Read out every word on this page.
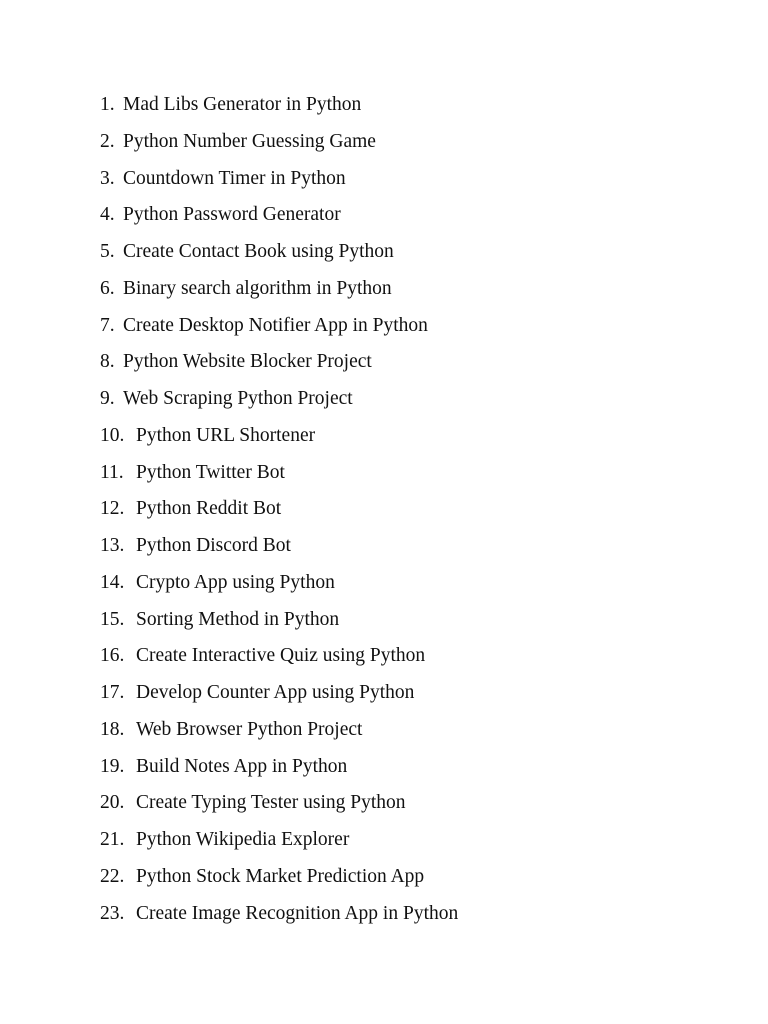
1. Mad Libs Generator in Python
2. Python Number Guessing Game
3. Countdown Timer in Python
4. Python Password Generator
5. Create Contact Book using Python
6. Binary search algorithm in Python
7. Create Desktop Notifier App in Python
8. Python Website Blocker Project
9. Web Scraping Python Project
10. Python URL Shortener
11. Python Twitter Bot
12. Python Reddit Bot
13. Python Discord Bot
14. Crypto App using Python
15. Sorting Method in Python
16. Create Interactive Quiz using Python
17. Develop Counter App using Python
18. Web Browser Python Project
19. Build Notes App in Python
20. Create Typing Tester using Python
21. Python Wikipedia Explorer
22. Python Stock Market Prediction App
23. Create Image Recognition App in Python
